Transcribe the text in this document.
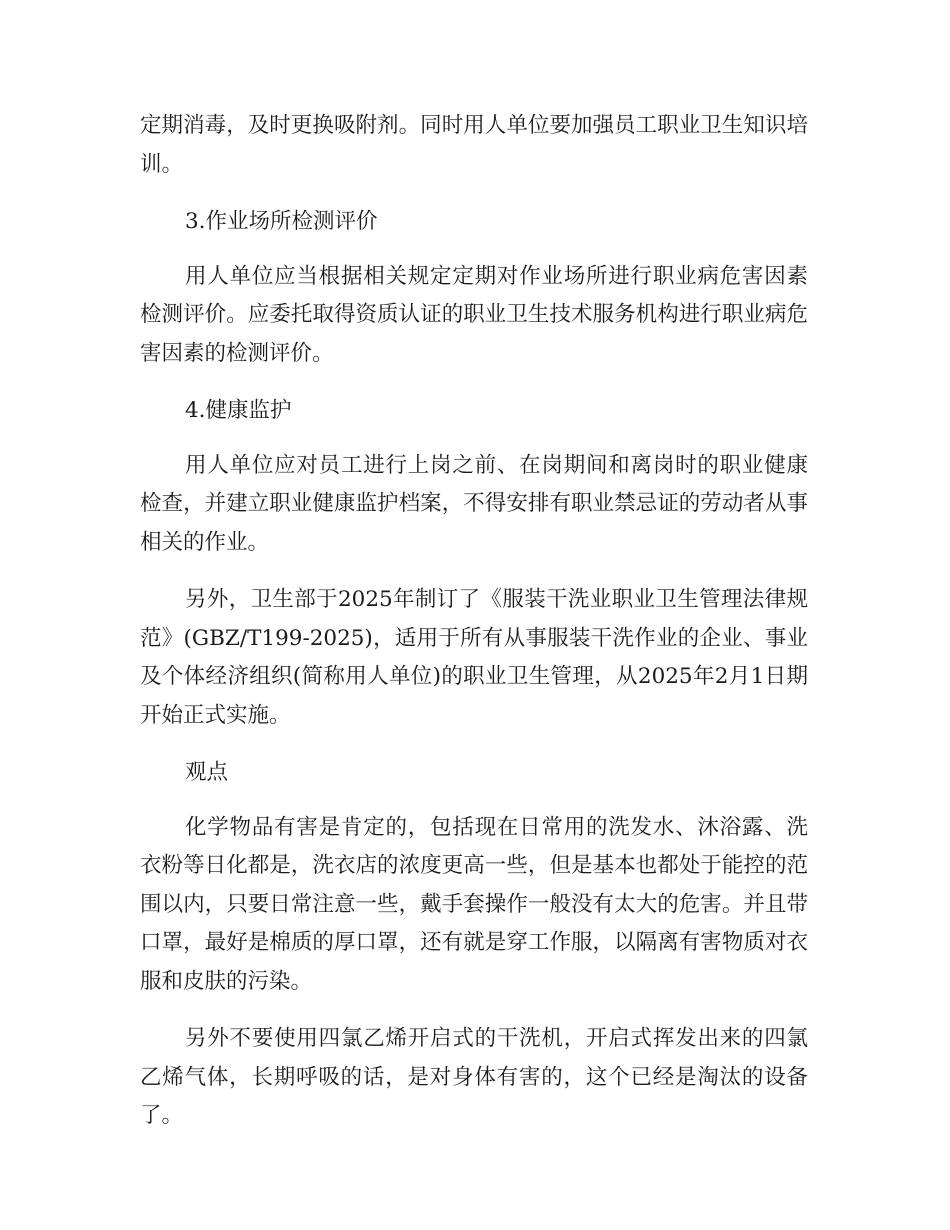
定期消毒，及时更换吸附剂。同时用人单位要加强员工职业卫生知识培训。

3.作业场所检测评价

用人单位应当根据相关规定定期对作业场所进行职业病危害因素检测评价。应委托取得资质认证的职业卫生技术服务机构进行职业病危害因素的检测评价。

4.健康监护

用人单位应对员工进行上岗之前、在岗期间和离岗时的职业健康检查，并建立职业健康监护档案，不得安排有职业禁忌证的劳动者从事相关的作业。

另外，卫生部于2025年制订了《服装干洗业职业卫生管理法律规范》(GBZ/T199-2025)，适用于所有从事服装干洗作业的企业、事业及个体经济组织(简称用人单位)的职业卫生管理，从2025年2月1日期开始正式实施。

观点

化学物品有害是肯定的，包括现在日常用的洗发水、沐浴露、洗衣粉等日化都是，洗衣店的浓度更高一些，但是基本也都处于能控的范围以内，只要日常注意一些，戴手套操作一般没有太大的危害。并且带口罩，最好是棉质的厚口罩，还有就是穿工作服，以隔离有害物质对衣服和皮肤的污染。

另外不要使用四氯乙烯开启式的干洗机，开启式挥发出来的四氯乙烯气体，长期呼吸的话，是对身体有害的，这个已经是淘汰的设备了。
